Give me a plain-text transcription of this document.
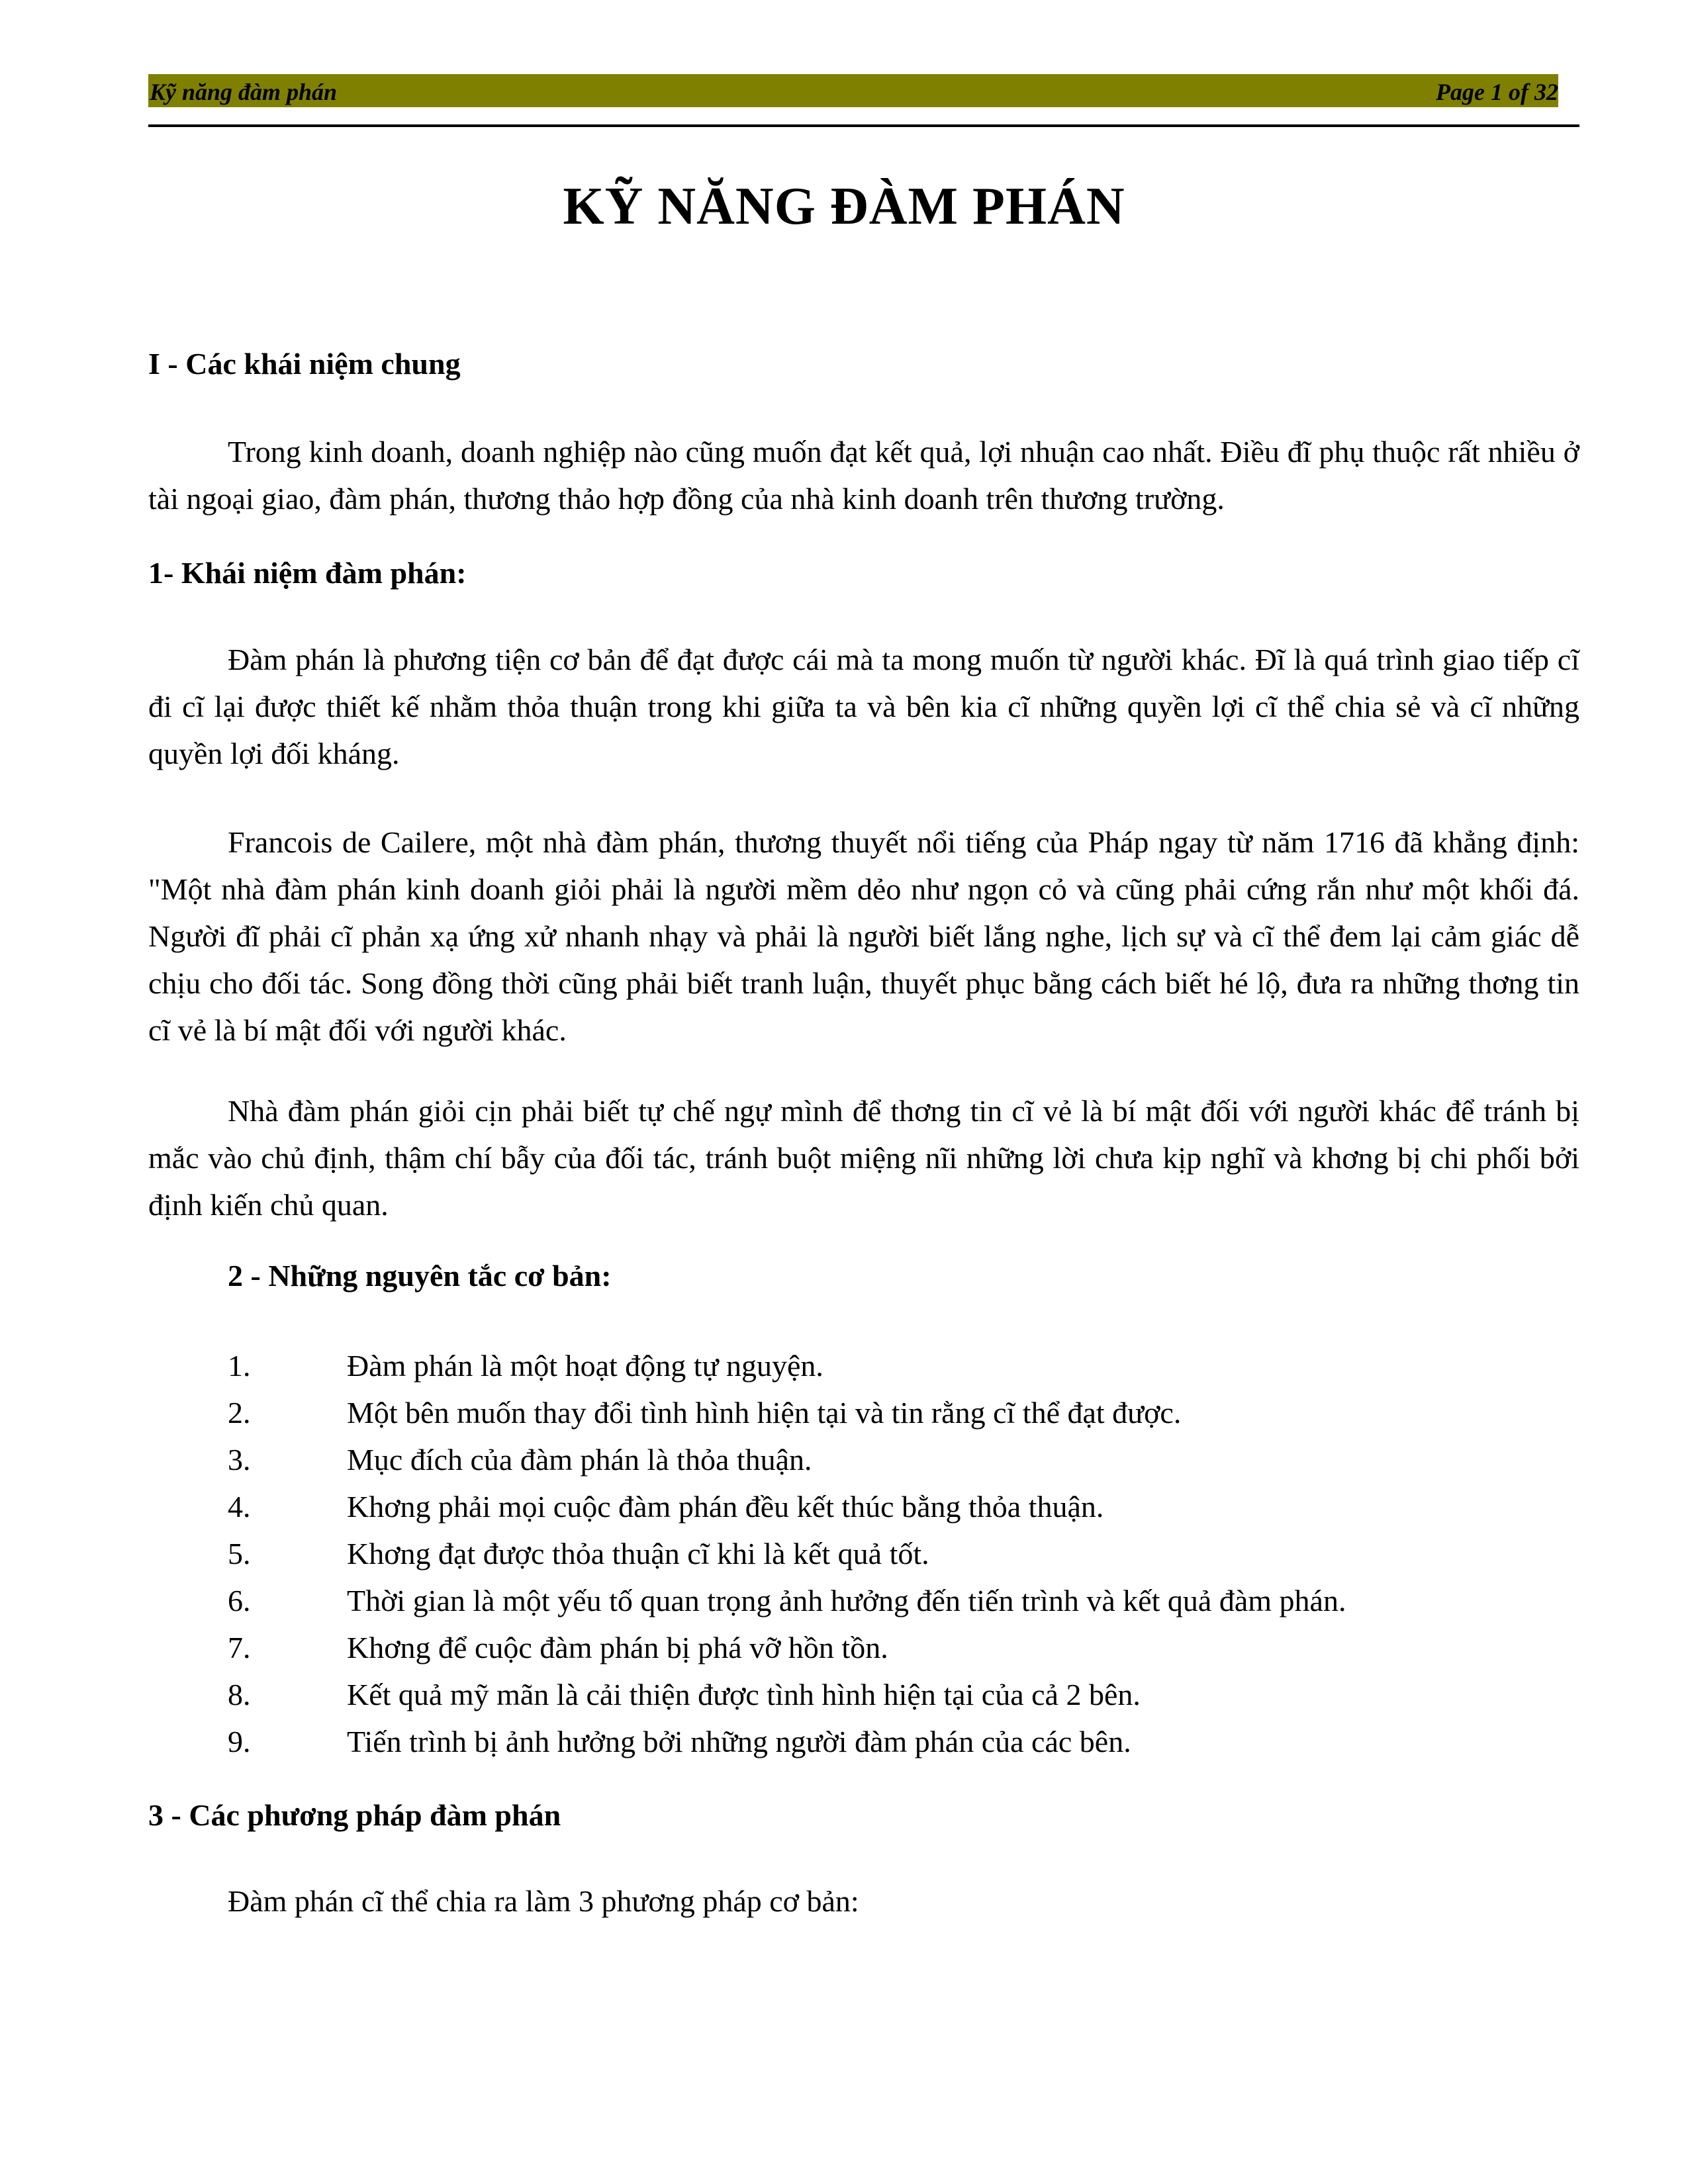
Kỹ năng đàm phán	Page 1 of 32
KỸ NĂNG ĐÀM PHÁN
I - Các khái niệm chung

Trong kinh doanh, doanh nghiệp nào cũng muốn đạt kết quả, lợi nhuận cao nhất. Điều đĩ phụ thuộc rất nhiều ở tài ngoại giao, đàm phán, thương thảo hợp đồng của nhà kinh doanh trên thương trường.

1- Khái niệm đàm phán:

Đàm phán là phương tiện cơ bản để đạt được cái mà ta mong muốn từ người khác. Đĩ là quá trình giao tiếp cĩ đi cĩ lại được thiết kế nhằm thỏa thuận trong khi giữa ta và bên kia cĩ những quyền lợi cĩ thể chia sẻ và cĩ những quyền lợi đối kháng.

Francois de Cailere, một nhà đàm phán, thương thuyết nổi tiếng của Pháp ngay từ năm 1716 đã khẳng định: "Một nhà đàm phán kinh doanh giỏi phải là người mềm dẻo như ngọn cỏ và cũng phải cứng rắn như một khối đá. Người đĩ phải cĩ phản xạ ứng xử nhanh nhạy và phải là người biết lắng nghe, lịch sự và cĩ thể đem lại cảm giác dễ chịu cho đối tác. Song đồng thời cũng phải biết tranh luận, thuyết phục bằng cách biết hé lộ, đưa ra những thơng tin cĩ vẻ là bí mật đối với người khác.

Nhà đàm phán giỏi cịn phải biết tự chế ngự mình để thơng tin cĩ vẻ là bí mật đối với người khác để tránh bị mắc vào chủ định, thậm chí bẫy của đối tác, tránh buột miệng nĩi những lời chưa kịp nghĩ và khơng bị chi phối bởi định kiến chủ quan.

2 - Những nguyên tắc cơ bản:
1.	Đàm phán là một hoạt động tự nguyện.
2.	Một bên muốn thay đổi tình hình hiện tại và tin rằng cĩ thể đạt được.
3.	Mục đích của đàm phán là thỏa thuận.
4.	Khơng phải mọi cuộc đàm phán đều kết thúc bằng thỏa thuận.
5.	Khơng đạt được thỏa thuận cĩ khi là kết quả tốt.
6.	Thời gian là một yếu tố quan trọng ảnh hưởng đến tiến trình và kết quả đàm phán.
7.	Khơng để cuộc đàm phán bị phá vỡ hồn tồn.
8.	Kết quả mỹ mãn là cải thiện được tình hình hiện tại của cả 2 bên.
9.	Tiến trình bị ảnh hưởng bởi những người đàm phán của các bên.
3 - Các phương pháp đàm phán
Đàm phán cĩ thể chia ra làm 3 phương pháp cơ bản:
